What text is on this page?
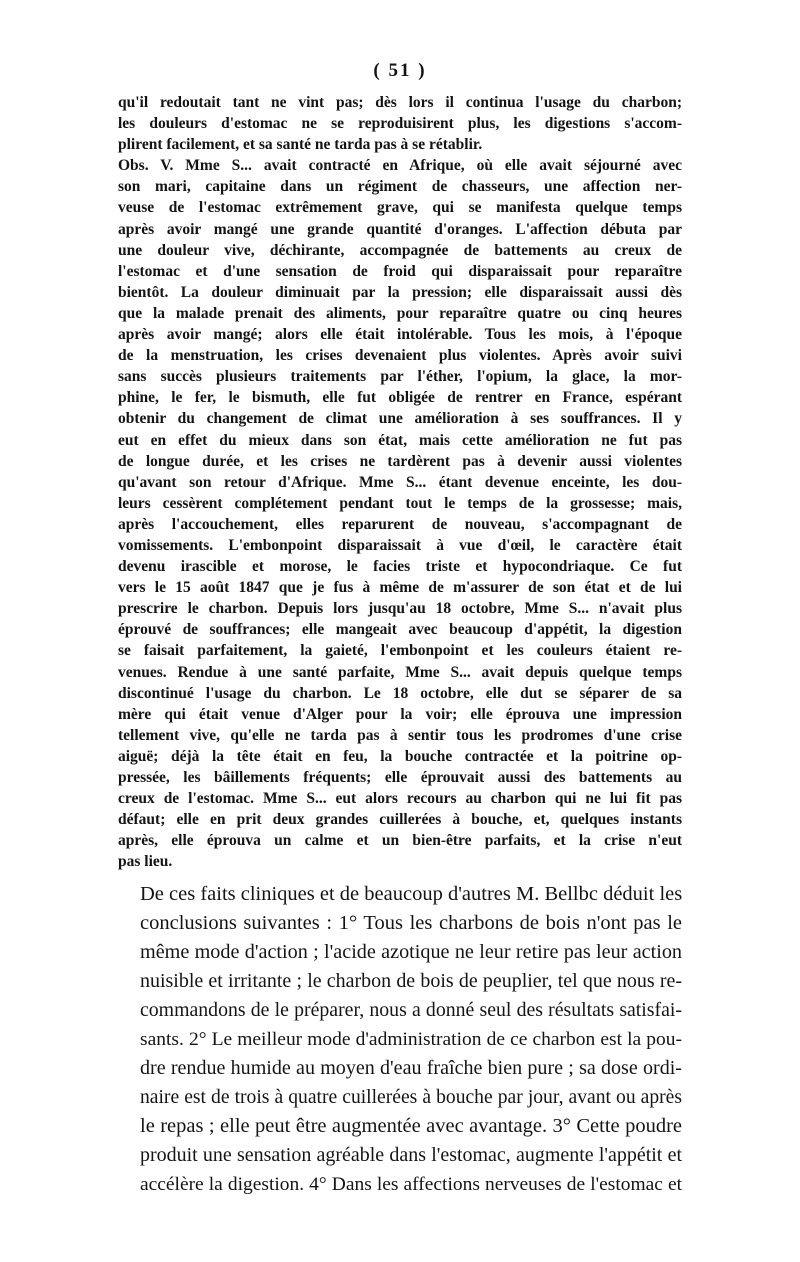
( 51 )

qu'il redoutait tant ne vint pas; dès lors il continua l'usage du charbon;
les douleurs d'estomac ne se reproduisirent plus, les digestions s'accom-
plirent facilement, et sa santé ne tarda pas à se rétablir.

Obs. V. Mme S... avait contracté en Afrique, où elle avait séjourné avec
son mari, capitaine dans un régiment de chasseurs, une affection ner-
veuse de l'estomac extrêmement grave, qui se manifesta quelque temps
après avoir mangé une grande quantité d'oranges. L'affection débuta par
une douleur vive, déchirante, accompagnée de battements au creux de
l'estomac et d'une sensation de froid qui disparaissait pour reparaître
bientôt. La douleur diminuait par la pression; elle disparaissait aussi dès
que la malade prenait des aliments, pour reparaître quatre ou cinq heures
après avoir mangé; alors elle était intolérable. Tous les mois, à l'époque
de la menstruation, les crises devenaient plus violentes. Après avoir suivi
sans succès plusieurs traitements par l'éther, l'opium, la glace, la mor-
phine, le fer, le bismuth, elle fut obligée de rentrer en France, espérant
obtenir du changement de climat une amélioration à ses souffrances. Il y
eut en effet du mieux dans son état, mais cette amélioration ne fut pas
de longue durée, et les crises ne tardèrent pas à devenir aussi violentes
qu'avant son retour d'Afrique. Mme S... étant devenue enceinte, les dou-
leurs cessèrent complétement pendant tout le temps de la grossesse; mais,
après l'accouchement, elles reparurent de nouveau, s'accompagnant de
vomissements. L'embonpoint disparaissait à vue d'œil, le caractère était
devenu irascible et morose, le facies triste et hypocondriaque. Ce fut
vers le 15 août 1847 que je fus à même de m'assurer de son état et de lui
prescrire le charbon. Depuis lors jusqu'au 18 octobre, Mme S... n'avait plus
éprouvé de souffrances; elle mangeait avec beaucoup d'appétit, la digestion
se faisait parfaitement, la gaieté, l'embonpoint et les couleurs étaient re-
venues. Rendue à une santé parfaite, Mme S... avait depuis quelque temps
discontinué l'usage du charbon. Le 18 octobre, elle dut se séparer de sa
mère qui était venue d'Alger pour la voir; elle éprouva une impression
tellement vive, qu'elle ne tarda pas à sentir tous les prodromes d'une crise
aiguë; déjà la tête était en feu, la bouche contractée et la poitrine op-
pressée, les bâillements fréquents; elle éprouvait aussi des battements au
creux de l'estomac. Mme S... eut alors recours au charbon qui ne lui fit pas
défaut; elle en prit deux grandes cuillerées à bouche, et, quelques instants
après, elle éprouva un calme et un bien-être parfaits, et la crise n'eut
pas lieu.

De ces faits cliniques et de beaucoup d'autres M. Bellbc déduit les
conclusions suivantes : 1° Tous les charbons de bois n'ont pas le
même mode d'action ; l'acide azotique ne leur retire pas leur action
nuisible et irritante ; le charbon de bois de peuplier, tel que nous re-
commandons de le préparer, nous a donné seul des résultats satisfai-
sants. 2° Le meilleur mode d'administration de ce charbon est la pou-
dre rendue humide au moyen d'eau fraîche bien pure ; sa dose ordi-
naire est de trois à quatre cuillerées à bouche par jour, avant ou après
le repas ; elle peut être augmentée avec avantage. 3° Cette poudre
produit une sensation agréable dans l'estomac, augmente l'appétit et
accélère la digestion. 4° Dans les affections nerveuses de l'estomac et
